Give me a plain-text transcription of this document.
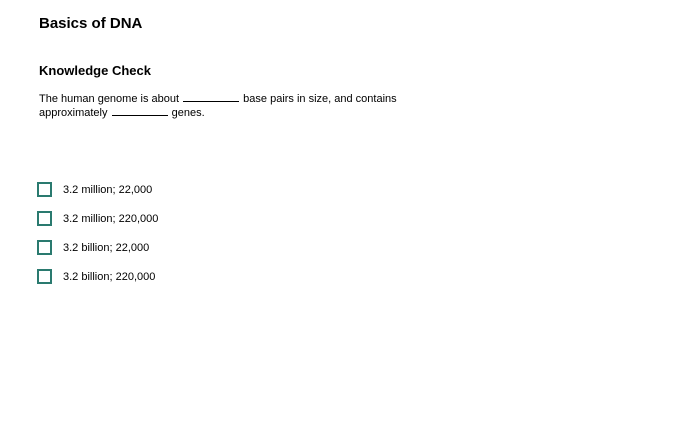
Basics of DNA
Knowledge Check
The human genome is about	base pairs in size, and contains
approximately	genes.
3.2 million; 22,000
3.2 million; 220,000
3.2 billion; 22,000
3.2 billion; 220,000
